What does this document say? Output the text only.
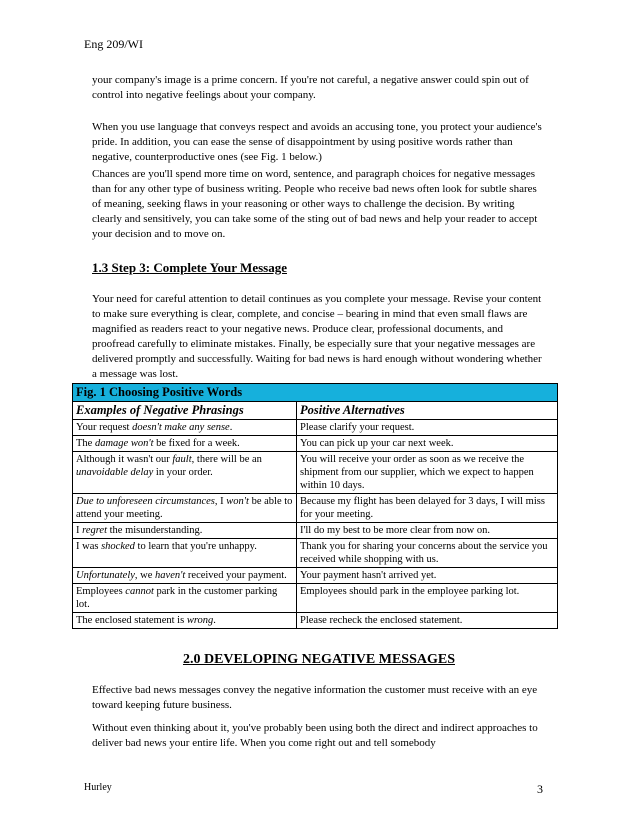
Eng 209/WI

your company's image is a prime concern. If you're not careful, a negative answer could spin out of control into negative feelings about your company.

When you use language that conveys respect and avoids an accusing tone, you protect your audience's pride. In addition, you can ease the sense of disappointment by using positive words rather than negative, counterproductive ones (see Fig. 1 below.)

Chances are you'll spend more time on word, sentence, and paragraph choices for negative messages than for any other type of business writing. People who receive bad news often look for subtle shares of meaning, seeking flaws in your reasoning or other ways to challenge the decision. By writing clearly and sensitively, you can take some of the sting out of bad news and help your reader to accept your decision and to move on.

1.3 Step 3: Complete Your Message

Your need for careful attention to detail continues as you complete your message. Revise your content to make sure everything is clear, complete, and concise – bearing in mind that even small flaws are magnified as readers react to your negative news. Produce clear, professional documents, and proofread carefully to eliminate mistakes. Finally, be especially sure that your negative messages are delivered promptly and successfully. Waiting for bad news is hard enough without wondering whether a message was lost.

Fig. 1 Choosing Positive Words	
Examples of Negative Phrasings	Positive Alternatives
Your request doesn't make any sense.	Please clarify your request.
The damage won't be fixed for a week.	You can pick up your car next week.
Although it wasn't our fault, there will be an unavoidable delay in your order.	You will receive your order as soon as we receive the shipment from our supplier, which we expect to happen within 10 days.
Due to unforeseen circumstances, I won't be able to attend your meeting.	Because my flight has been delayed for 3 days, I will miss for your meeting.
I regret the misunderstanding.	I'll do my best to be more clear from now on.
I was shocked to learn that you're unhappy.	Thank you for sharing your concerns about the service you received while shopping with us.
Unfortunately, we haven't received your payment.	Your payment hasn't arrived yet.
Employees cannot park in the customer parking lot.	Employees should park in the employee parking lot.
The enclosed statement is wrong.	Please recheck the enclosed statement.
2.0 DEVELOPING NEGATIVE MESSAGES

Effective bad news messages convey the negative information the customer must receive with an eye toward keeping future business.

Without even thinking about it, you've probably been using both the direct and indirect approaches to deliver bad news your entire life. When you come right out and tell somebody

Hurley	3
